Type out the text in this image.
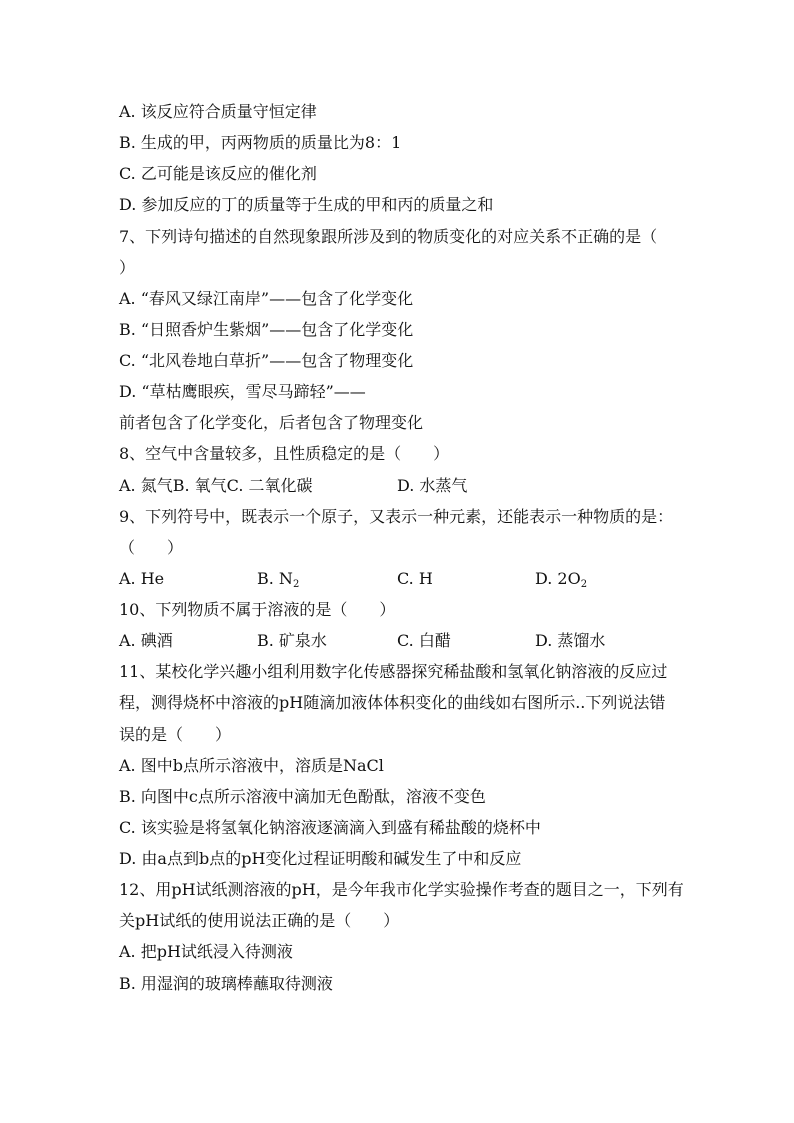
A. 该反应符合质量守恒定律
B. 生成的甲，丙两物质的质量比为8：1
C. 乙可能是该反应的催化剂
D. 参加反应的丁的质量等于生成的甲和丙的质量之和
7、下列诗句描述的自然现象跟所涉及到的物质变化的对应关系不正确的是（
）
A. “春风又绿江南岸”——包含了化学变化
B. “日照香炉生紫烟”——包含了化学变化
C. “北风卷地白草折”——包含了物理变化
D. “草枯鹰眼疾，雪尽马蹄轻”——
前者包含了化学变化，后者包含了物理变化
8、空气中含量较多，且性质稳定的是（　　）
A. 氮气B. 氧气C. 二氧化碳	D. 水蒸气
9、下列符号中，既表示一个原子，又表示一种元素，还能表示一种物质的是：
（　　）
A. He	B. $N_2$	C. H	D. $2O_2$
10、下列物质不属于溶液的是（　　）
A. 碘酒	B. 矿泉水	C. 白醋	D. 蒸馏水
11、某校化学兴趣小组利用数字化传感器探究稀盐酸和氢氧化钠溶液的反应过
程，测得烧杯中溶液的pH随滴加液体体积变化的曲线如右图所示..下列说法错
误的是（　　）
A. 图中b点所示溶液中，溶质是NaCl
B. 向图中c点所示溶液中滴加无色酚酞，溶液不变色
C. 该实验是将氢氧化钠溶液逐滴滴入到盛有稀盐酸的烧杯中
D. 由a点到b点的pH变化过程证明酸和碱发生了中和反应
12、用pH试纸测溶液的pH，是今年我市化学实验操作考查的题目之一，下列有
关pH试纸的使用说法正确的是（　　）
A. 把pH试纸浸入待测液
B. 用湿润的玻璃棒蘸取待测液
